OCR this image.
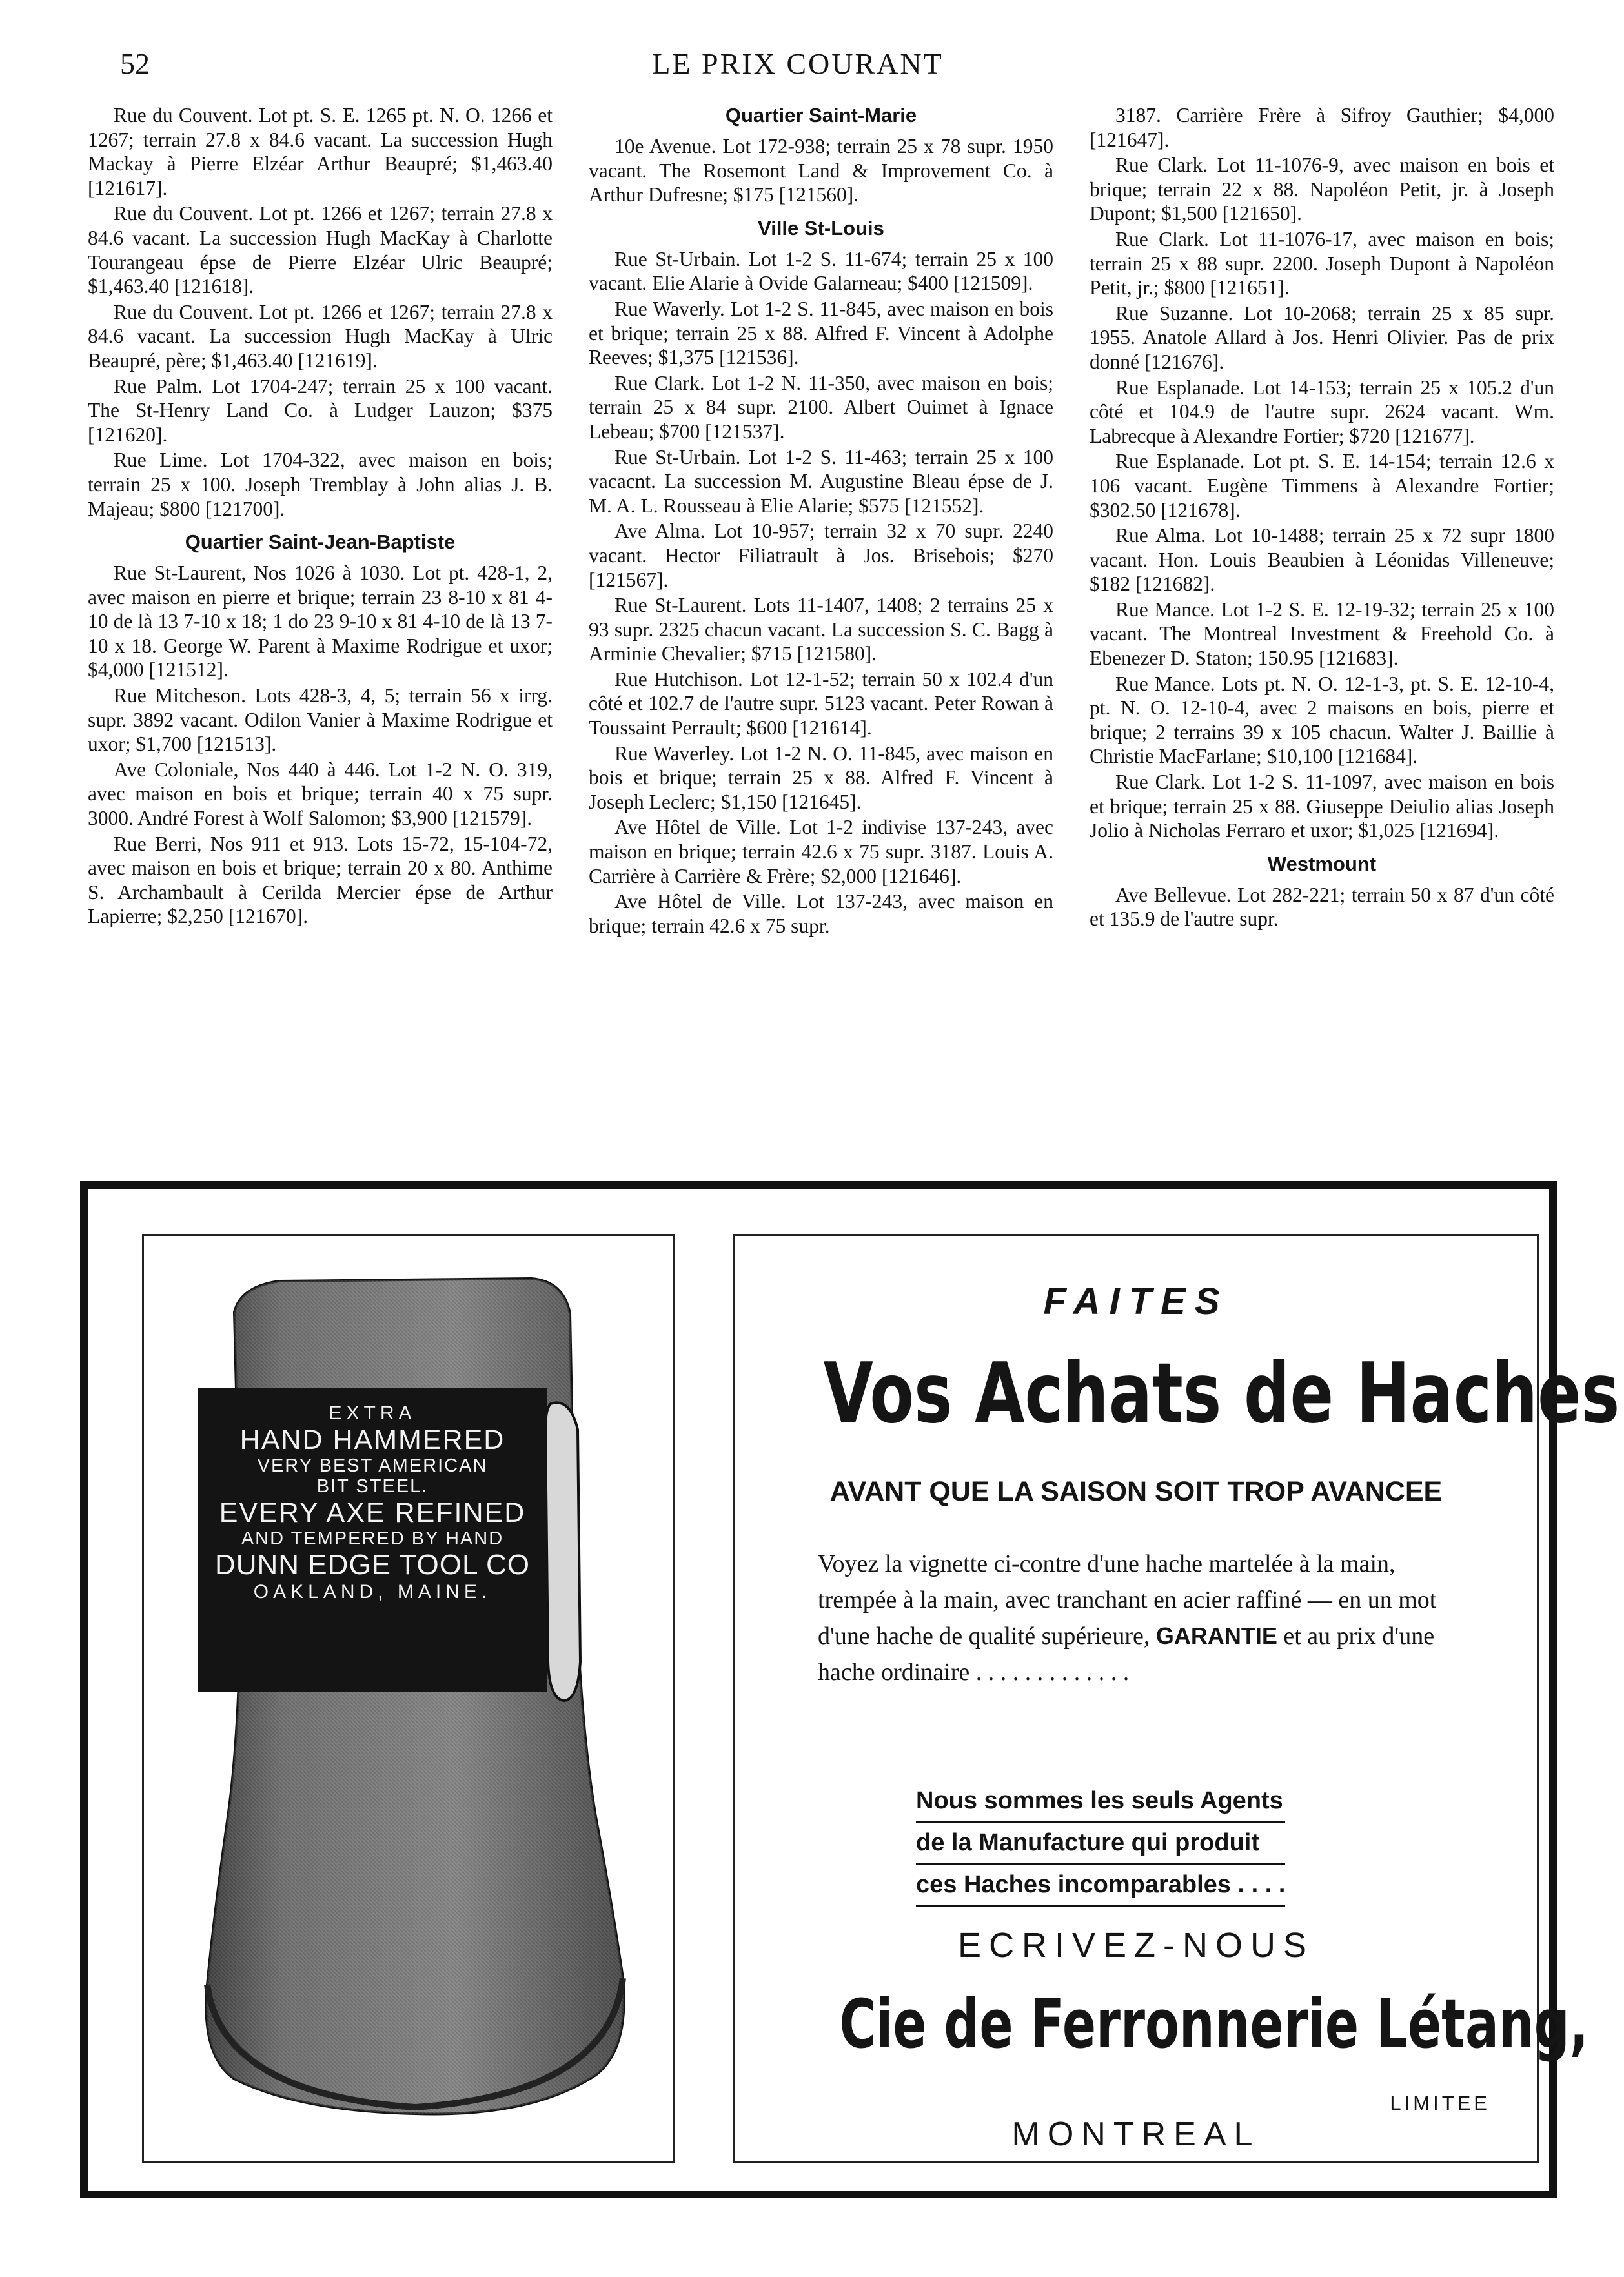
52	LE PRIX COURANT

Rue du Couvent. Lot pt. S. E. 1265 pt. N. O. 1266 et 1267; terrain 27.8 x 84.6 vacant. La succession Hugh Mackay à Pierre Elzéar Arthur Beaupré; $1,463.40 [121617].

Rue du Couvent. Lot pt. 1266 et 1267; terrain 27.8 x 84.6 vacant. La succession Hugh MacKay à Charlotte Tourangeau épse de Pierre Elzéar Ulric Beaupré; $1,463.40 [121618].

Rue du Couvent. Lot pt. 1266 et 1267; terrain 27.8 x 84.6 vacant. La succession Hugh MacKay à Ulric Beaupré, père; $1,463.40 [121619].

Rue Palm. Lot 1704-247; terrain 25 x 100 vacant. The St-Henry Land Co. à Ludger Lauzon; $375 [121620].

Rue Lime. Lot 1704-322, avec maison en bois; terrain 25 x 100. Joseph Tremblay à John alias J. B. Majeau; $800 [121700].

Quartier Saint-Jean-Baptiste

Rue St-Laurent, Nos 1026 à 1030. Lot pt. 428-1, 2, avec maison en pierre et brique; terrain 23 8-10 x 81 4-10 de là 13 7-10 x 18; 1 do 23 9-10 x 81 4-10 de là 13 7-10 x 18. George W. Parent à Maxime Rodrigue et uxor; $4,000 [121512].

Rue Mitcheson. Lots 428-3, 4, 5; terrain 56 x irrg. supr. 3892 vacant. Odilon Vanier à Maxime Rodrigue et uxor; $1,700 [121513].

Ave Coloniale, Nos 440 à 446. Lot 1-2 N. O. 319, avec maison en bois et brique; terrain 40 x 75 supr. 3000. André Forest à Wolf Salomon; $3,900 [121579].

Rue Berri, Nos 911 et 913. Lots 15-72, 15-104-72, avec maison en bois et brique; terrain 20 x 80. Anthime S. Archambault à Cerilda Mercier épse de Arthur Lapierre; $2,250 [121670].

Quartier Saint-Marie

10e Avenue. Lot 172-938; terrain 25 x 78 supr. 1950 vacant. The Rosemont Land & Improvement Co. à Arthur Dufresne; $175 [121560].

Ville St-Louis

Rue St-Urbain. Lot 1-2 S. 11-674; terrain 25 x 100 vacant. Elie Alarie à Ovide Galarneau; $400 [121509].

Rue Waverly. Lot 1-2 S. 11-845, avec maison en bois et brique; terrain 25 x 88. Alfred F. Vincent à Adolphe Reeves; $1,375 [121536].

Rue Clark. Lot 1-2 N. 11-350, avec maison en bois; terrain 25 x 84 supr. 2100. Albert Ouimet à Ignace Lebeau; $700 [121537].

Rue St-Urbain. Lot 1-2 S. 11-463; terrain 25 x 100 vacacnt. La succession M. Augustine Bleau épse de J. M. A. L. Rousseau à Elie Alarie; $575 [121552].

Ave Alma. Lot 10-957; terrain 32 x 70 supr. 2240 vacant. Hector Filiatrault à Jos. Brisebois; $270 [121567].

Rue St-Laurent. Lots 11-1407, 1408; 2 terrains 25 x 93 supr. 2325 chacun vacant. La succession S. C. Bagg à Arminie Chevalier; $715 [121580].

Rue Hutchison. Lot 12-1-52; terrain 50 x 102.4 d'un côté et 102.7 de l'autre supr. 5123 vacant. Peter Rowan à Toussaint Perrault; $600 [121614].

Rue Waverley. Lot 1-2 N. O. 11-845, avec maison en bois et brique; terrain 25 x 88. Alfred F. Vincent à Joseph Leclerc; $1,150 [121645].

Ave Hôtel de Ville. Lot 1-2 indivise 137-243, avec maison en brique; terrain 42.6 x 75 supr. 3187. Louis A. Carrière à Carrière & Frère; $2,000 [121646].

Ave Hôtel de Ville. Lot 137-243, avec maison en brique; terrain 42.6 x 75 supr.

3187. Carrière Frère à Sifroy Gauthier; $4,000 [121647].

Rue Clark. Lot 11-1076-9, avec maison en bois et brique; terrain 22 x 88. Napoléon Petit, jr. à Joseph Dupont; $1,500 [121650].

Rue Clark. Lot 11-1076-17, avec maison en bois; terrain 25 x 88 supr. 2200. Joseph Dupont à Napoléon Petit, jr.; $800 [121651].

Rue Suzanne. Lot 10-2068; terrain 25 x 85 supr. 1955. Anatole Allard à Jos. Henri Olivier. Pas de prix donné [121676].

Rue Esplanade. Lot 14-153; terrain 25 x 105.2 d'un côté et 104.9 de l'autre supr. 2624 vacant. Wm. Labrecque à Alexandre Fortier; $720 [121677].

Rue Esplanade. Lot pt. S. E. 14-154; terrain 12.6 x 106 vacant. Eugène Timmens à Alexandre Fortier; $302.50 [121678].

Rue Alma. Lot 10-1488; terrain 25 x 72 supr 1800 vacant. Hon. Louis Beaubien à Léonidas Villeneuve; $182 [121682].

Rue Mance. Lot 1-2 S. E. 12-19-32; terrain 25 x 100 vacant. The Montreal Investment & Freehold Co. à Ebenezer D. Staton; 150.95 [121683].

Rue Mance. Lots pt. N. O. 12-1-3, pt. S. E. 12-10-4, pt. N. O. 12-10-4, avec 2 maisons en bois, pierre et brique; 2 terrains 39 x 105 chacun. Walter J. Baillie à Christie MacFarlane; $10,100 [121684].

Rue Clark. Lot 1-2 S. 11-1097, avec maison en bois et brique; terrain 25 x 88. Giuseppe Deiulio alias Joseph Jolio à Nicholas Ferraro et uxor; $1,025 [121694].

Westmount

Ave Bellevue. Lot 282-221; terrain 50 x 87 d'un côté et 135.9 de l'autre supr.

EXTRA
HAND HAMMERED
VERY BEST AMERICAN
BIT STEEL.
EVERY AXE REFINED
AND TEMPERED BY HAND
DUNN EDGE TOOL CO
OAKLAND, MAINE.
FAITES
Vos Achats de Haches
AVANT QUE LA SAISON SOIT TROP AVANCEE

Voyez la vignette ci-contre d'une hache martelée à la main, trempée à la main, avec tranchant en acier raffiné — en un mot d'une hache de qualité supérieure, GARANTIE et au prix d'une hache ordinaire . . . . . . . . . . . . .

Nous sommes les seuls Agents
de la Manufacture qui produit
ces Haches incomparables . . . .
ECRIVEZ-NOUS
Cie de Ferronnerie Létang,
LIMITEE
MONTREAL
